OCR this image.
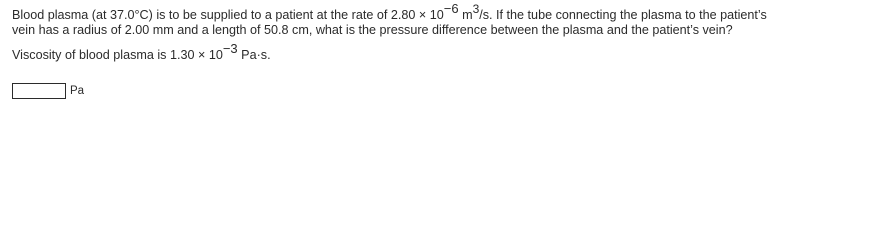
Blood plasma (at 37.0°C) is to be supplied to a patient at the rate of $2.80 \times 10^{-6}$ $m^3/s$. If the tube connecting the plasma to the patient’s
vein has a radius of 2.00 mm and a length of 50.8 cm, what is the pressure difference between the plasma and the patient’s vein?

Viscosity of blood plasma is $1.30 \times 10^{-3}$ Pa·s.

Pa
